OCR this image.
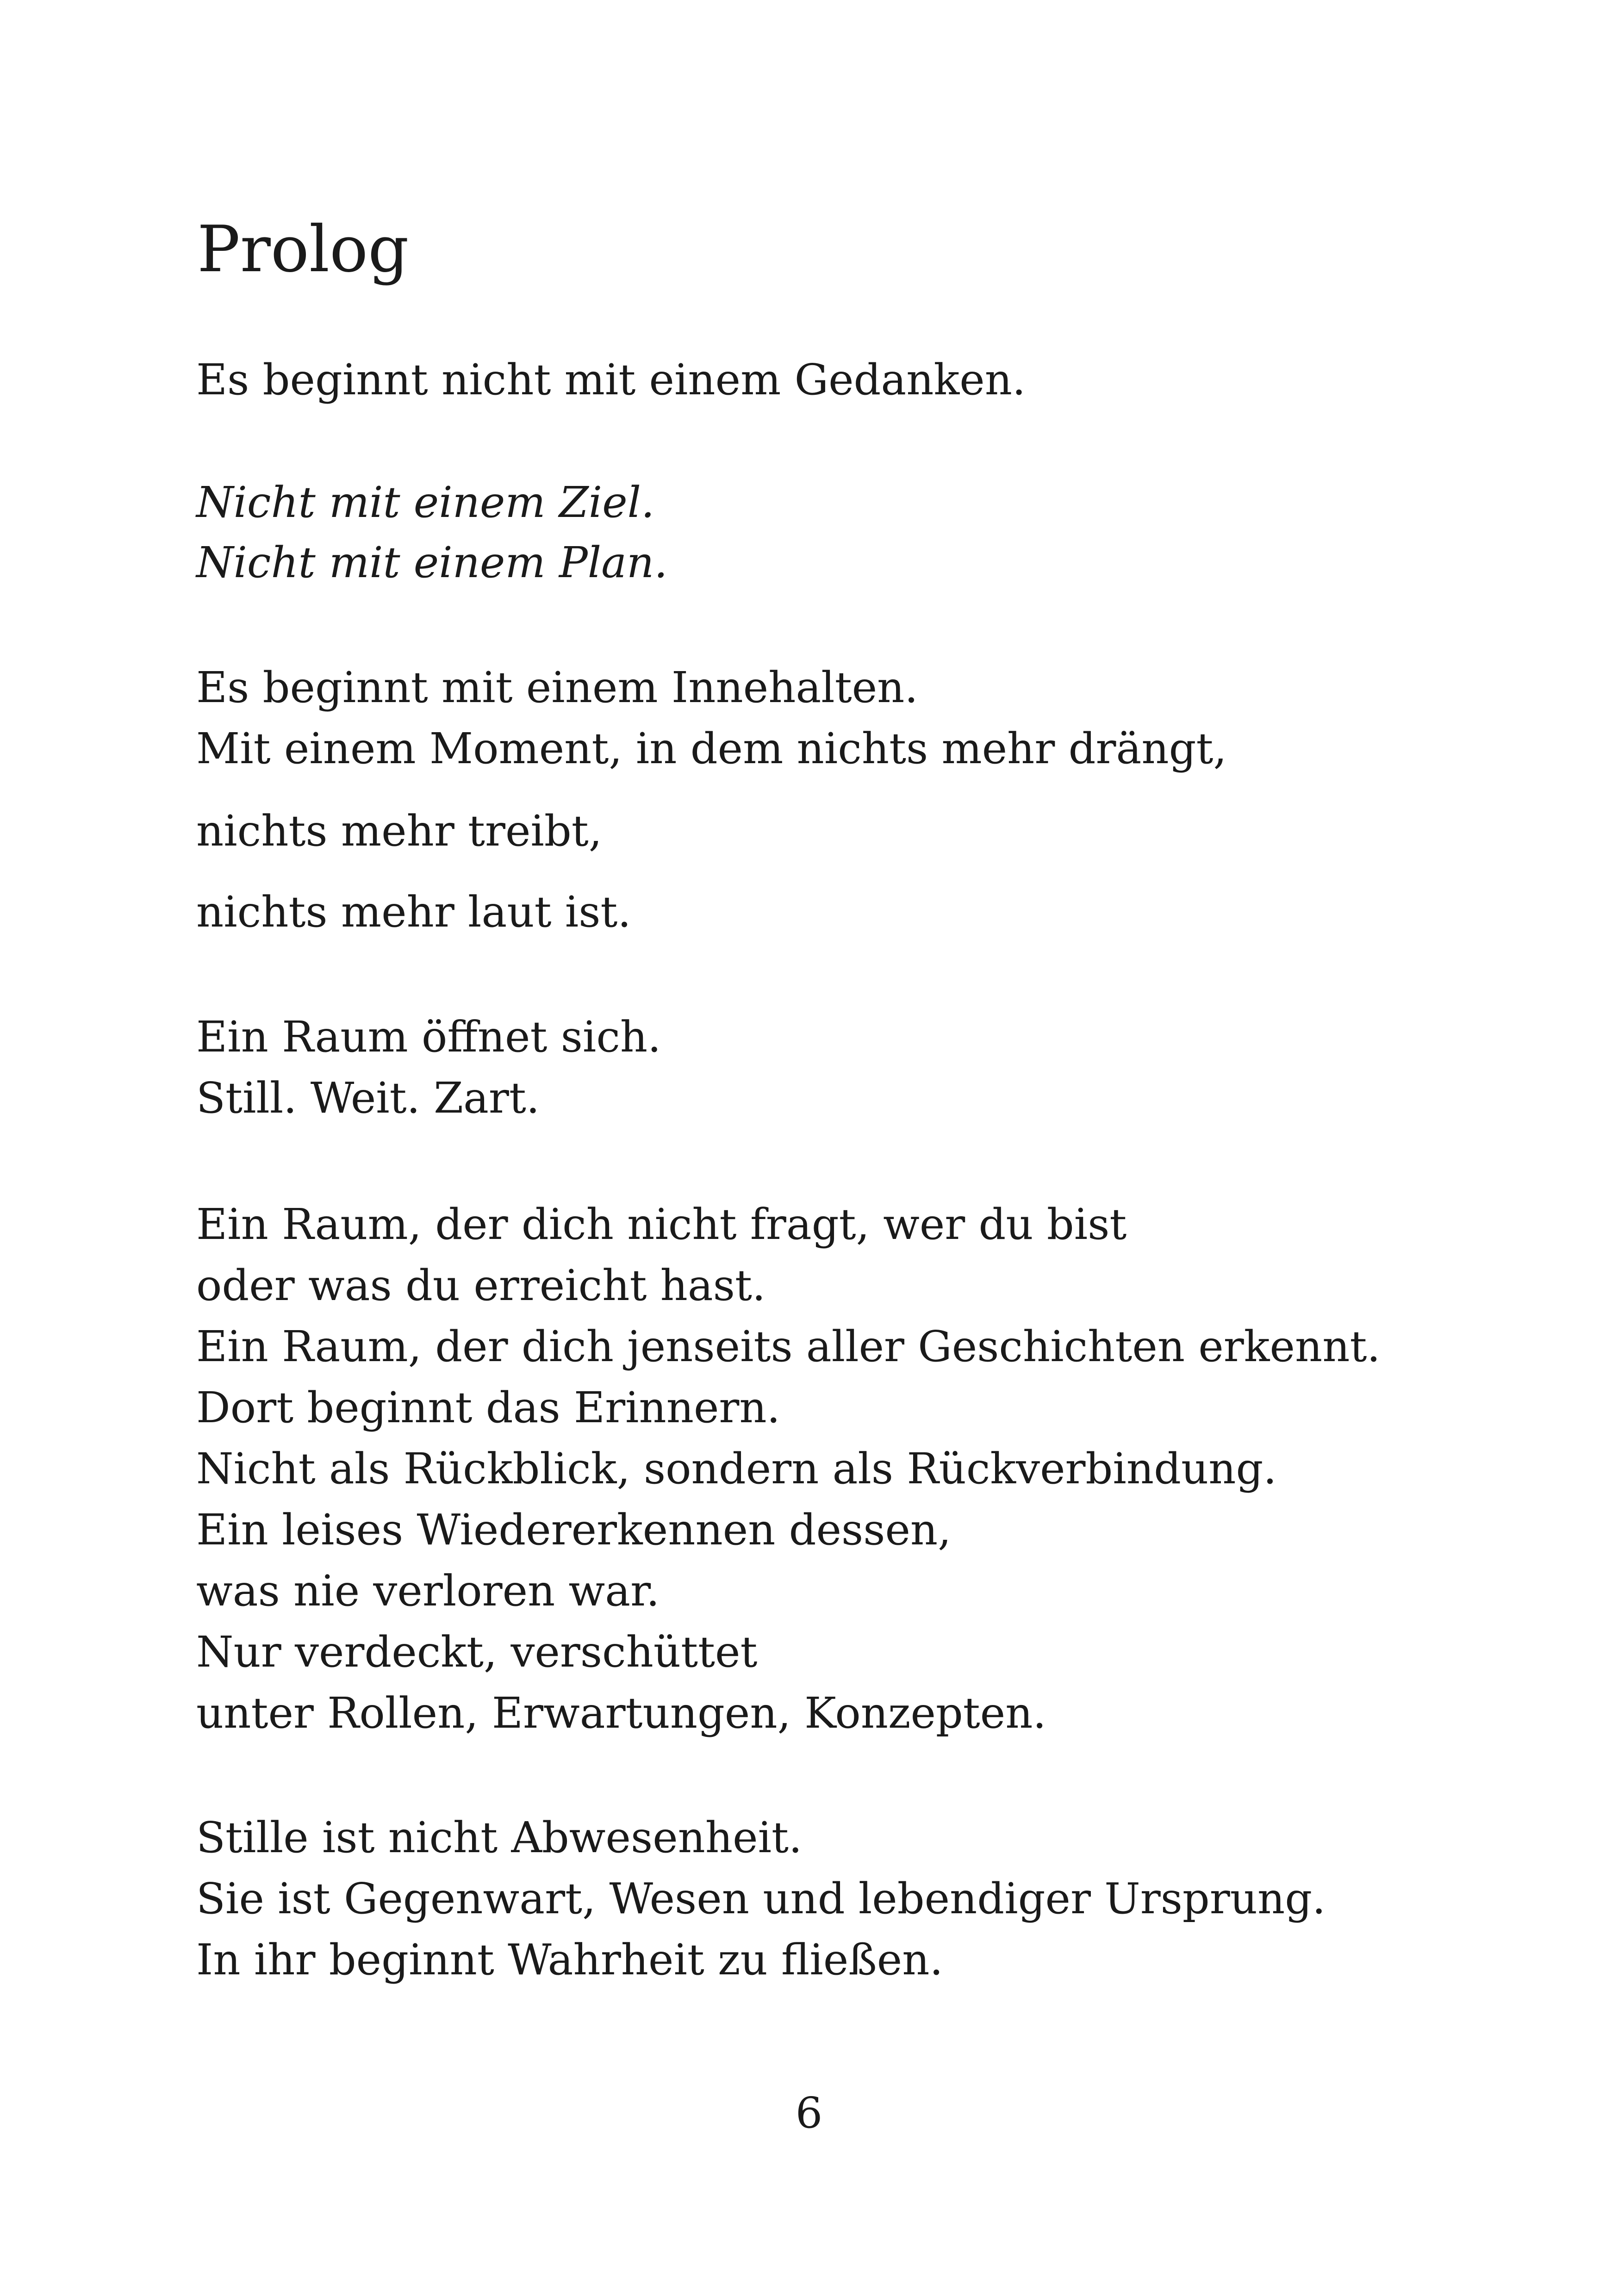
Prolog

Es beginnt nicht mit einem Gedanken.

Nicht mit einem Ziel.

Nicht mit einem Plan.

Es beginnt mit einem Innehalten.

Mit einem Moment, in dem nichts mehr drängt,

nichts mehr treibt,

nichts mehr laut ist.

Ein Raum öffnet sich.

Still. Weit. Zart.

Ein Raum, der dich nicht fragt, wer du bist

oder was du erreicht hast.

Ein Raum, der dich jenseits aller Geschichten erkennt.

Dort beginnt das Erinnern.

Nicht als Rückblick, sondern als Rückverbindung.

Ein leises Wiedererkennen dessen,

was nie verloren war.

Nur verdeckt, verschüttet

unter Rollen, Erwartungen, Konzepten.

Stille ist nicht Abwesenheit.

Sie ist Gegenwart, Wesen und lebendiger Ursprung.

In ihr beginnt Wahrheit zu fließen.

6
